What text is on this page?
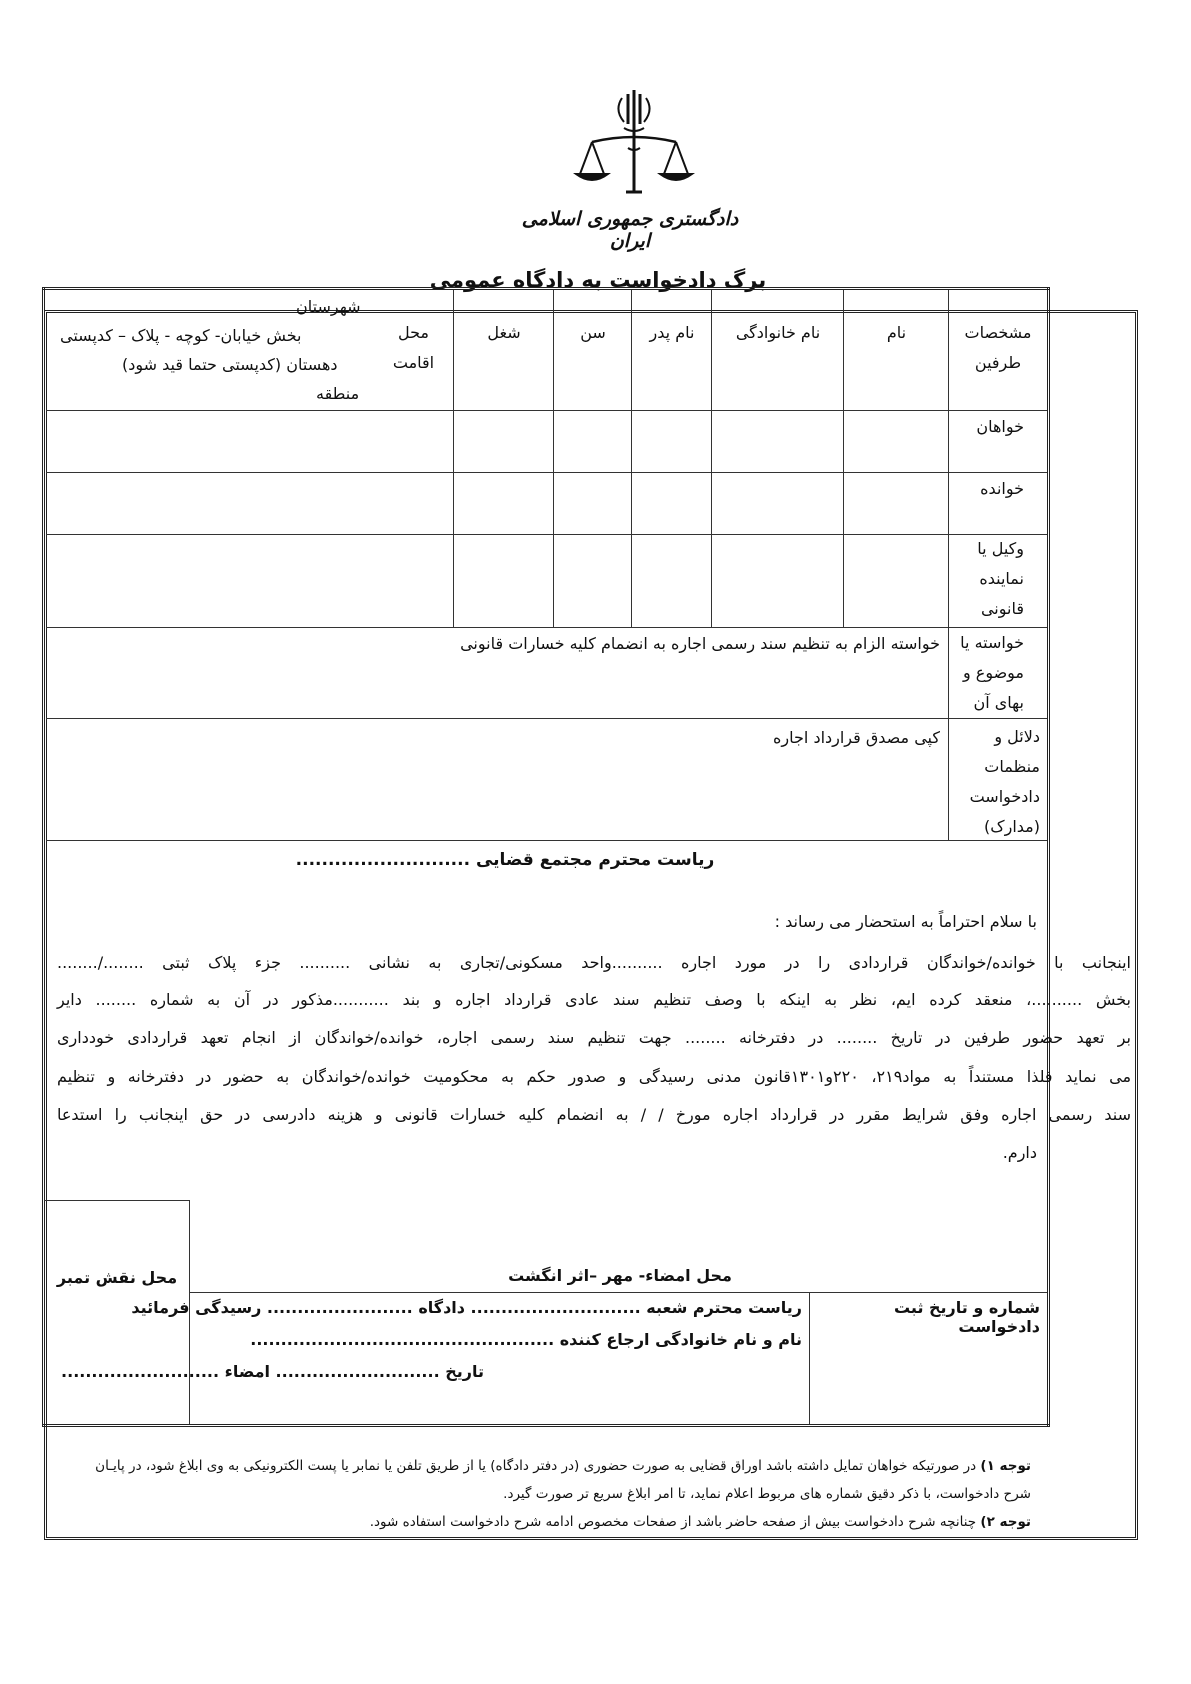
دادگستری جمهوری اسلامی ایران
برگ دادخواست به دادگاه عمومی
مشخصات
طرفین
نام
نام خانوادگی
نام پدر
سن
شغل
محل اقامت
شهرستان
بخش خیابان- کوچه - پلاک – کدپستی
دهستان (کدپستی حتما قید شود)
منطقه
خواهان
خوانده
وکیل یا
نماینده
قانونی
خواسته یا
موضوع و
بهای آن
خواسته الزام به تنظیم سند رسمی اجاره به انضمام کلیه خسارات قانونی
دلائل و
منظمات
دادخواست
(مدارک)
کپی مصدق قرارداد اجاره
ریاست محترم مجتمع قضایی ...........................
با سلام احتراماً به استحضار می رساند :
اینجانب با خوانده/خواندگان قراردادی را در مورد اجاره ..........واحد مسکونی/تجاری به نشانی .......... جزء پلاک ثبتی ......../........
بخش ..........، منعقد کرده ایم، نظر به اینکه با وصف تنظیم سند عادی قرارداد اجاره و بند ...........مذکور در آن به شماره ........ دایر
بر تعهد حضور طرفین در تاریخ ........ در دفترخانه ........ جهت تنظیم سند رسمی اجاره، خوانده/خواندگان از انجام تعهد قراردادی خودداری
می نماید فلذا مستنداً به مواد۲۱۹، ۲۲۰و۱۳۰۱قانون مدنی رسیدگی و صدور حکم به محکومیت خوانده/خواندگان به حضور در دفترخانه و تنظیم
سند رسمی اجاره وفق شرایط مقرر در قرارداد اجاره مورخ / / به انضمام کلیه خسارات قانونی و هزینه دادرسی در حق اینجانب را استدعا
دارم.
محل نقش تمبر	محل امضاء- مهر –اثر انگشت
شماره و تاریخ ثبت دادخواست
ریاست محترم شعبه ............................ دادگاه ........................ رسیدگی فرمائید
نام و نام خانوادگی ارجاع کننده ..................................................
تاریخ ........................... امضاء ..........................
توجه ۱) در صورتیکه خواهان تمایل داشته باشد اوراق قضایی به صورت حضوری (در دفتر دادگاه) یا از طریق تلفن یا نمابر یا پست الکترونیکی به وی ابلاغ شود، در پایـان
شرح دادخواست، با ذکر دقیق شماره های مربوط اعلام نماید، تا امر ابلاغ سریع تر صورت گیرد.
توجه ۲) چنانچه شرح دادخواست بیش از صفحه حاضر باشد از صفحات مخصوص ادامه شرح دادخواست استفاده شود.
